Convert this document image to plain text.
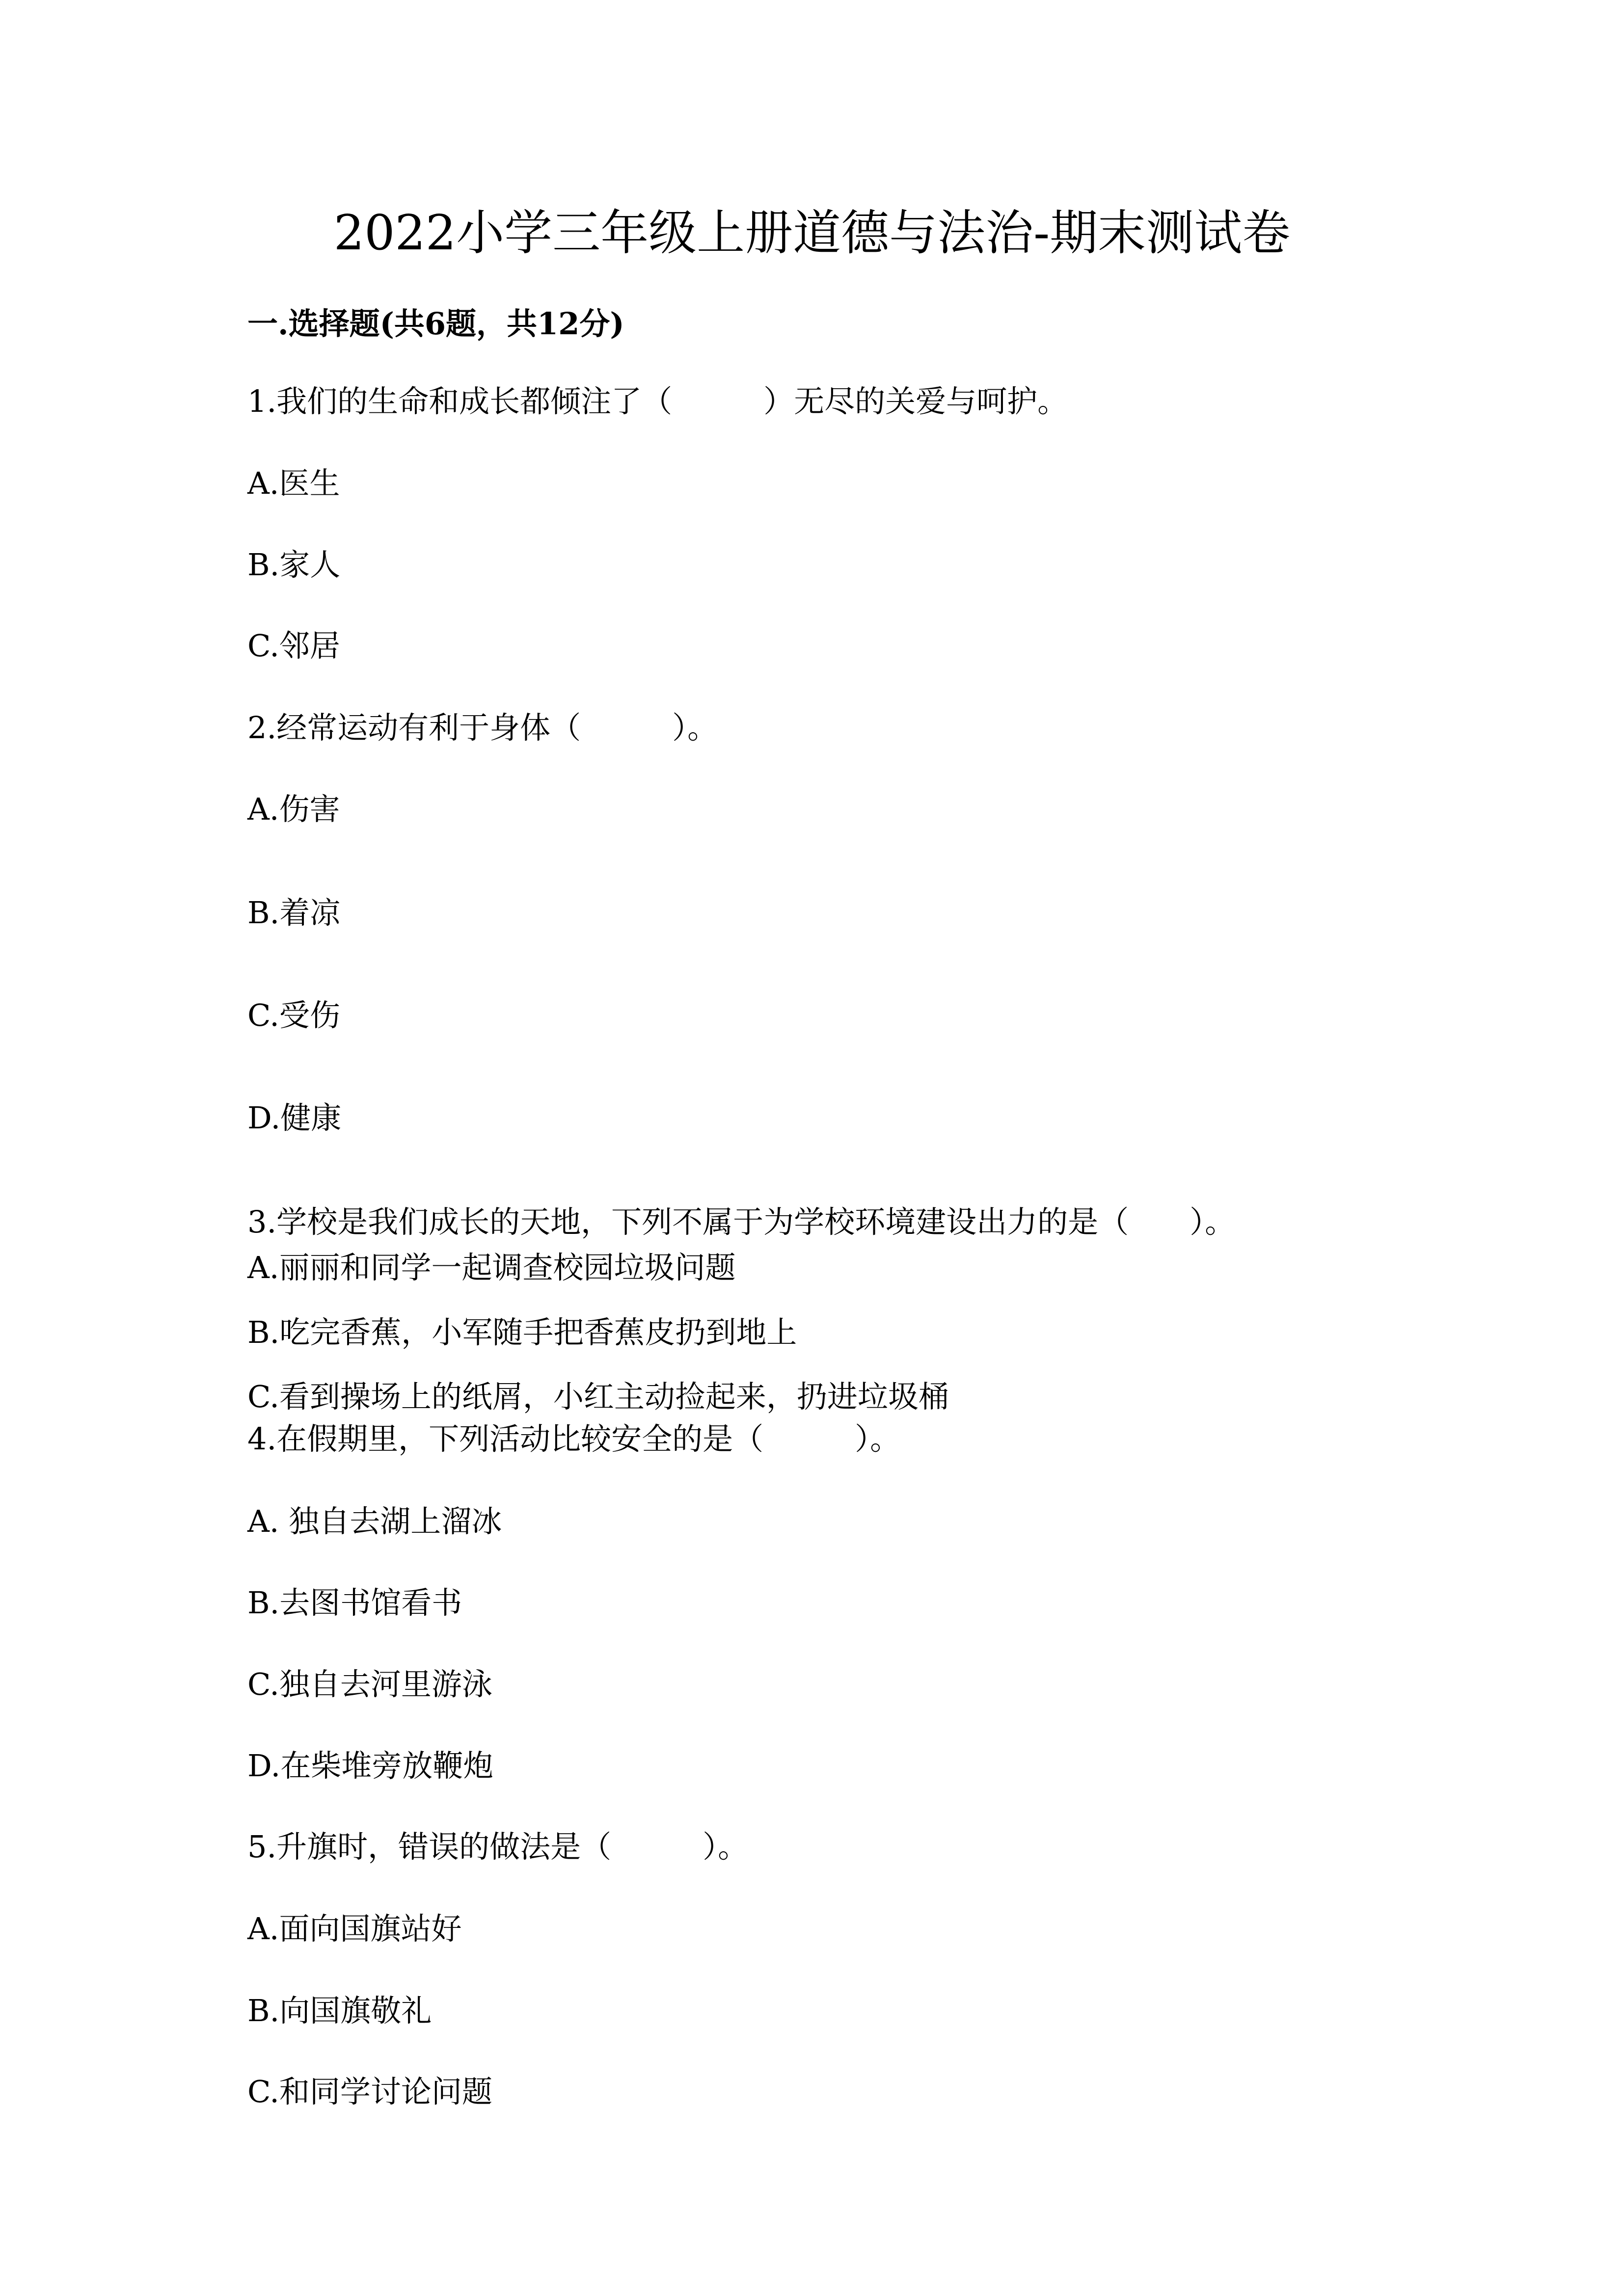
2022小学三年级上册道德与法治-期末测试卷
一.选择题(共6题，共12分)
1.我们的生命和成长都倾注了（　　　）无尽的关爱与呵护。
A.医生
B.家人
C.邻居
2.经常运动有利于身体（　　　）。
A.伤害
B.着凉
C.受伤
D.健康
3.学校是我们成长的天地，下列不属于为学校环境建设出力的是（　　）。
A.丽丽和同学一起调查校园垃圾问题
B.吃完香蕉，小军随手把香蕉皮扔到地上
C.看到操场上的纸屑，小红主动捡起来，扔进垃圾桶
4.在假期里，下列活动比较安全的是（　　　）。
A. 独自去湖上溜冰
B.去图书馆看书
C.独自去河里游泳
D.在柴堆旁放鞭炮
5.升旗时，错误的做法是（　　　）。
A.面向国旗站好
B.向国旗敬礼
C.和同学讨论问题
